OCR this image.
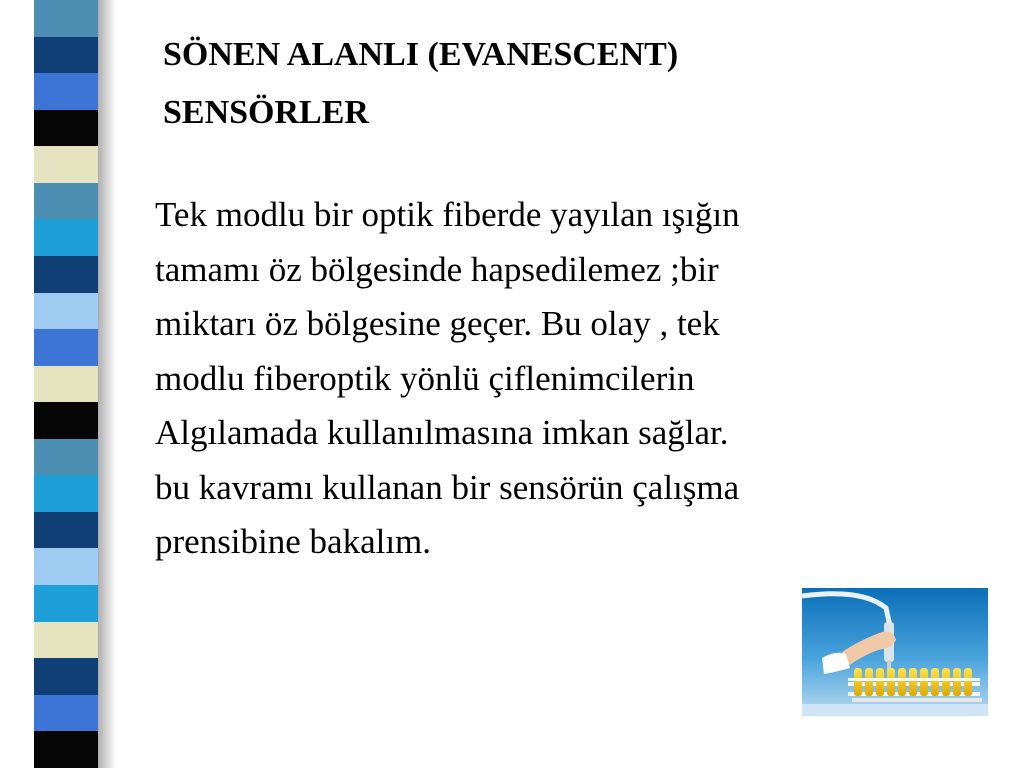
SÖNEN ALANLI (EVANESCENT)
SENSÖRLER
Tek modlu bir optik fiberde yayılan ışığın
tamamı öz bölgesinde hapsedilemez ;bir
miktarı öz bölgesine geçer. Bu olay , tek
modlu fiberoptik yönlü çiflenimcilerin
Algılamada kullanılmasına imkan sağlar.
bu kavramı kullanan bir sensörün çalışma
prensibine bakalım.
